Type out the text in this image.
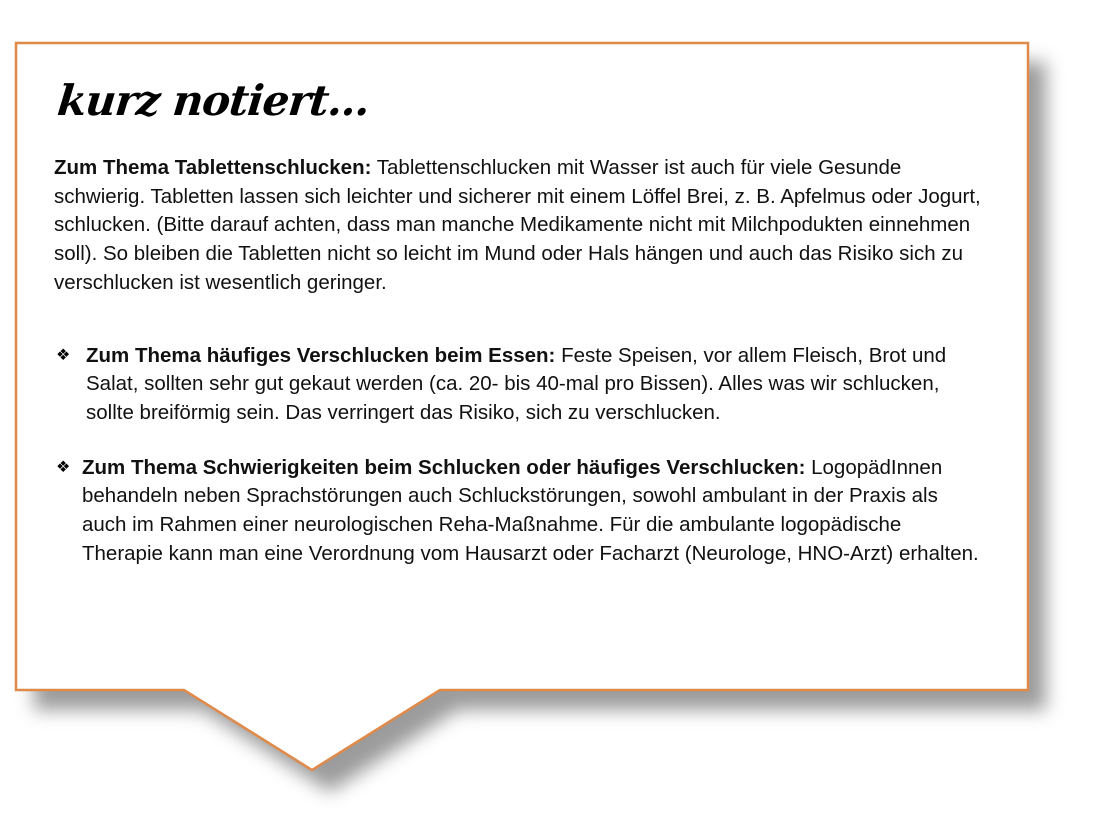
kurz notiert…

Zum Thema Tablettenschlucken: Tablettenschlucken mit Wasser ist auch für viele Gesunde schwierig. Tabletten lassen sich leichter und sicherer mit einem Löffel Brei, z. B. Apfelmus oder Jogurt, schlucken. (Bitte darauf achten, dass man manche Medikamente nicht mit Milchpodukten einnehmen soll). So bleiben die Tabletten nicht so leicht im Mund oder Hals hängen und auch das Risiko sich zu verschlucken ist wesentlich geringer.

❖ Zum Thema häufiges Verschlucken beim Essen: Feste Speisen, vor allem Fleisch, Brot und Salat, sollten sehr gut gekaut werden (ca. 20- bis 40-mal pro Bissen). Alles was wir schlucken, sollte breiförmig sein. Das verringert das Risiko, sich zu verschlucken.

❖ Zum Thema Schwierigkeiten beim Schlucken oder häufiges Verschlucken: LogopädInnen behandeln neben Sprachstörungen auch Schluckstörungen, sowohl ambulant in der Praxis als auch im Rahmen einer neurologischen Reha-Maßnahme. Für die ambulante logopädische Therapie kann man eine Verordnung vom Hausarzt oder Facharzt (Neurologe, HNO-Arzt) erhalten.
